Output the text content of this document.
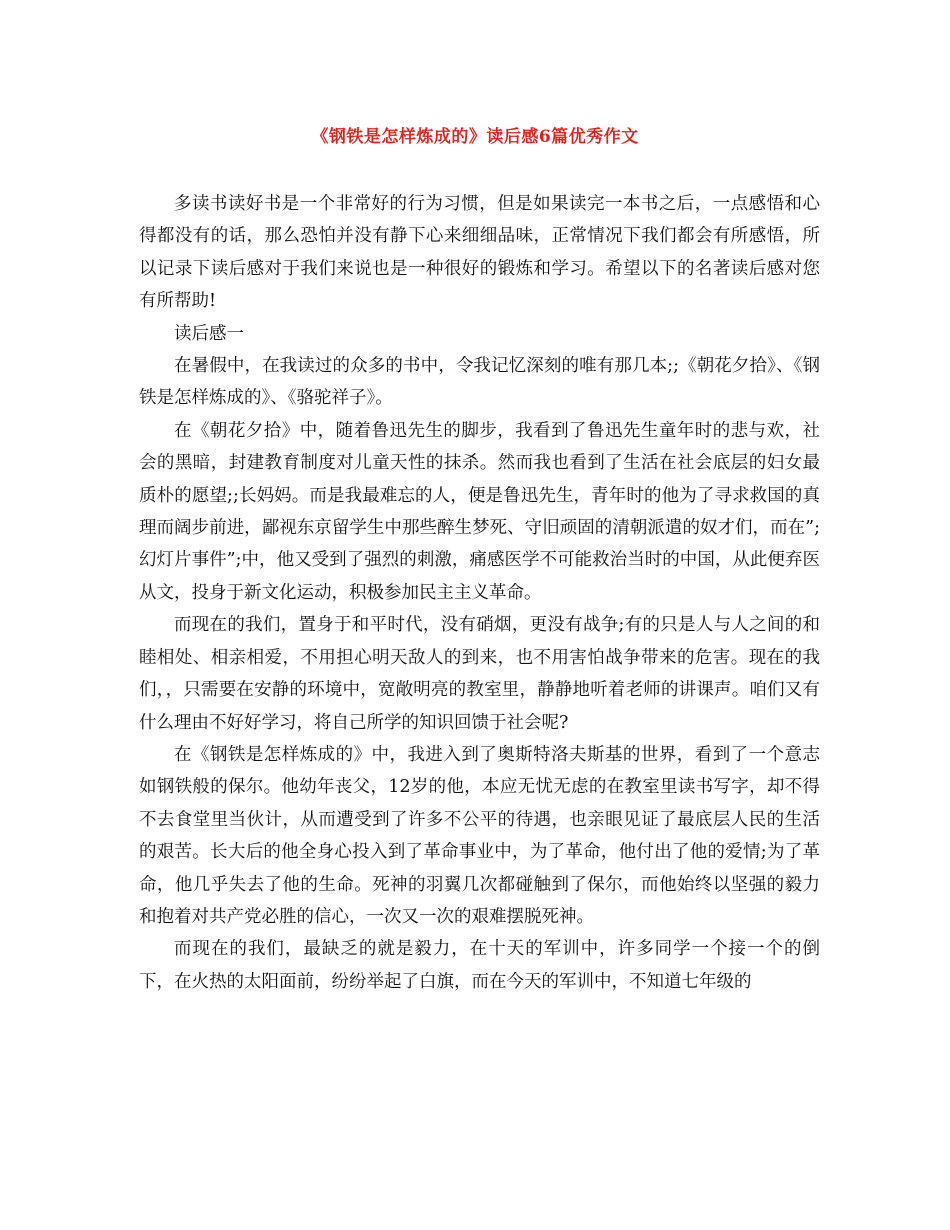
《钢铁是怎样炼成的》读后感6篇优秀作文

多读书读好书是一个非常好的行为习惯，但是如果读完一本书之后，一点感悟和心得都没有的话，那么恐怕并没有静下心来细细品味，正常情况下我们都会有所感悟，所以记录下读后感对于我们来说也是一种很好的锻炼和学习。希望以下的名著读后感对您有所帮助!

读后感一

在暑假中，在我读过的众多的书中，令我记忆深刻的唯有那几本;;《朝花夕拾》、《钢铁是怎样炼成的》、《骆驼祥子》。

在《朝花夕拾》中，随着鲁迅先生的脚步，我看到了鲁迅先生童年时的悲与欢，社会的黑暗，封建教育制度对儿童天性的抹杀。然而我也看到了生活在社会底层的妇女最质朴的愿望;;长妈妈。而是我最难忘的人，便是鲁迅先生，青年时的他为了寻求救国的真理而阔步前进，鄙视东京留学生中那些醉生梦死、守旧顽固的清朝派遣的奴才们，而在”;幻灯片事件”;中，他又受到了强烈的刺激，痛感医学不可能救治当时的中国，从此便弃医从文，投身于新文化运动，积极参加民主主义革命。

而现在的我们，置身于和平时代，没有硝烟，更没有战争;有的只是人与人之间的和睦相处、相亲相爱，不用担心明天敌人的到来，也不用害怕战争带来的危害。现在的我们，，只需要在安静的环境中，宽敞明亮的教室里，静静地听着老师的讲课声。咱们又有什么理由不好好学习，将自己所学的知识回馈于社会呢?

在《钢铁是怎样炼成的》中，我进入到了奥斯特洛夫斯基的世界，看到了一个意志如钢铁般的保尔。他幼年丧父，12岁的他，本应无忧无虑的在教室里读书写字，却不得不去食堂里当伙计，从而遭受到了许多不公平的待遇，也亲眼见证了最底层人民的生活的艰苦。长大后的他全身心投入到了革命事业中，为了革命，他付出了他的爱情;为了革命，他几乎失去了他的生命。死神的羽翼几次都碰触到了保尔，而他始终以坚强的毅力和抱着对共产党必胜的信心，一次又一次的艰难摆脱死神。

而现在的我们，最缺乏的就是毅力，在十天的军训中，许多同学一个接一个的倒下，在火热的太阳面前，纷纷举起了白旗，而在今天的军训中，不知道七年级的
